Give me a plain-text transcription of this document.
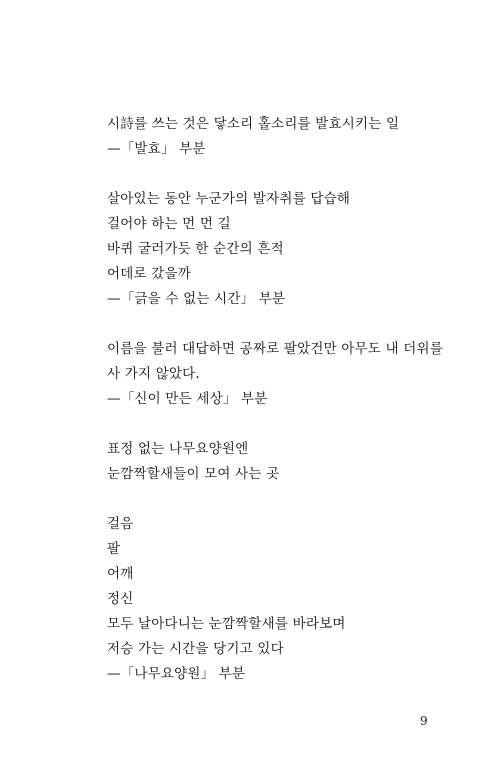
시詩를 쓰는 것은 닿소리 홀소리를 발효시키는 일
—「발효」 부분
살아있는 동안 누군가의 발자취를 답습해
걸어야 하는 먼 먼 길
바퀴 굴러가듯 한 순간의 흔적
어데로 갔을까
—「긁을 수 없는 시간」 부분
이름을 불러 대답하면 공짜로 팔았건만 아무도 내 더위를 사 가지 않았다.
—「신이 만든 세상」 부분
표정 없는 나무요양원엔
눈깜짝할새들이 모여 사는 곳
걸음
팔
어깨
정신
모두 날아다니는 눈깜짝할새를 바라보며
저승 가는 시간을 당기고 있다
—「나무요양원」 부분
9
